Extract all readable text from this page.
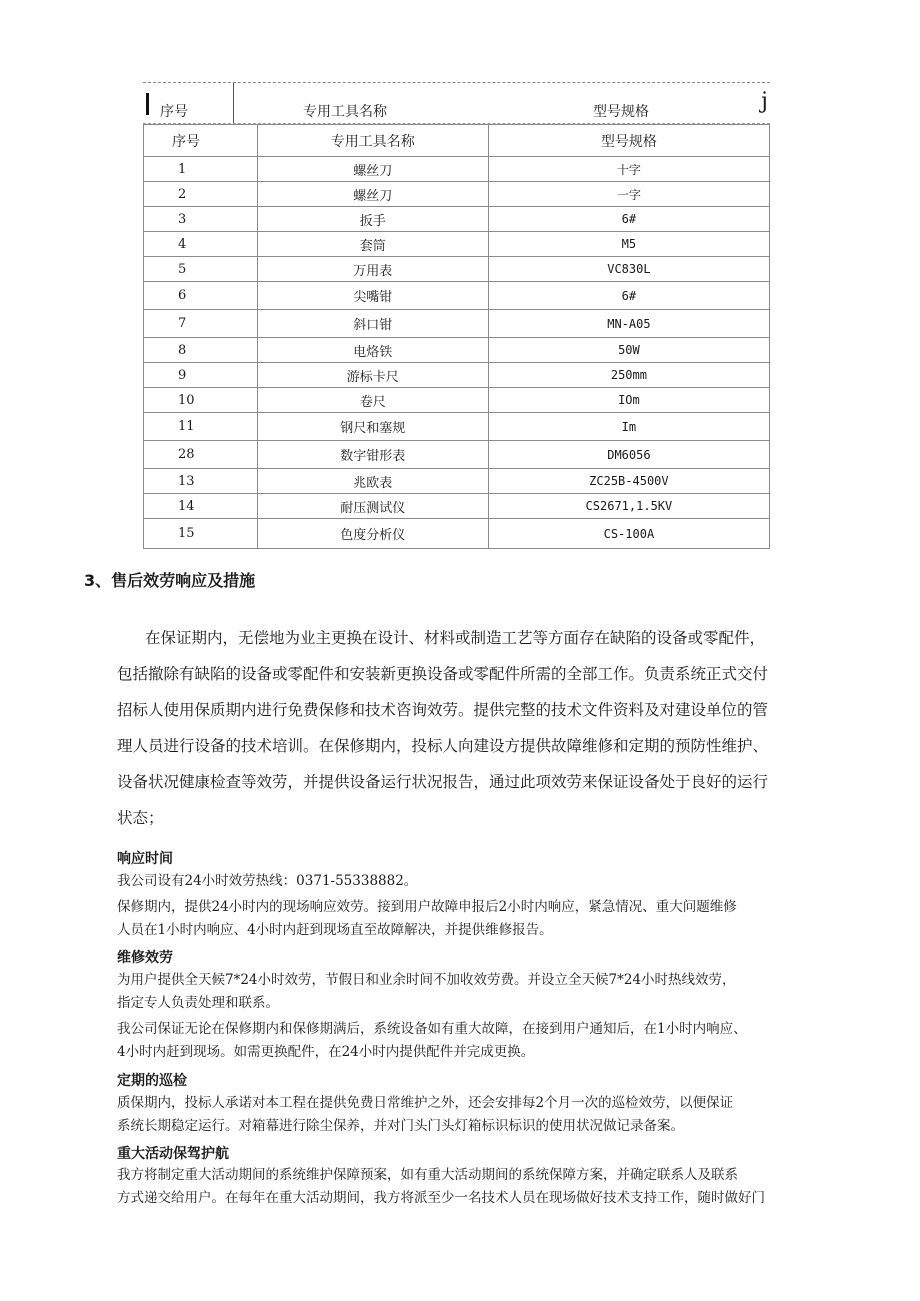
序号	专用工具名称	型号规格	j
序号	专用工具名称	型号规格
1	螺丝刀	十字
2	螺丝刀	一字
3	扳手	6#
4	套筒	M5
5	万用表	VC830L
6	尖嘴钳	6#
7	斜口钳	MN-A05
8	电烙铁	50W
9	游标卡尺	250mm
10	卷尺	IOm
11	钢尺和塞规	Im
28	数字钳形表	DM6056
13	兆欧表	ZC25B-4500V
14	耐压测试仪	CS2671,1.5KV
15	色度分析仪	CS-100A
3、售后效劳响应及措施
在保证期内，无偿地为业主更换在设计、材料或制造工艺等方面存在缺陷的设备或零配件，
包括撤除有缺陷的设备或零配件和安装新更换设备或零配件所需的全部工作。负责系统正式交付
招标人使用保质期内进行免费保修和技术咨询效劳。提供完整的技术文件资料及对建设单位的管
理人员进行设备的技术培训。在保修期内，投标人向建设方提供故障维修和定期的预防性维护、
设备状况健康检查等效劳，并提供设备运行状况报告，通过此项效劳来保证设备处于良好的运行
状态；
响应时间
我公司设有24小时效劳热线：0371-55338882。
保修期内，提供24小时内的现场响应效劳。接到用户故障申报后2小时内响应，紧急情况、重大问题维修
人员在1小时内响应、4小时内赶到现场直至故障解决，并提供维修报告。
维修效劳
为用户提供全天候7*24小时效劳，节假日和业余时间不加收效劳费。并设立全天候7*24小时热线效劳，
指定专人负责处理和联系。
我公司保证无论在保修期内和保修期满后，系统设备如有重大故障，在接到用户通知后，在1小时内响应、
4小时内赶到现场。如需更换配件，在24小时内提供配件并完成更换。
定期的巡检
质保期内，投标人承诺对本工程在提供免费日常维护之外，还会安排每2个月一次的巡检效劳，以便保证
系统长期稳定运行。对箱幕进行除尘保养，并对门头门头灯箱标识标识的使用状况做记录备案。
重大活动保驾护航
我方将制定重大活动期间的系统维护保障预案，如有重大活动期间的系统保障方案，并确定联系人及联系
方式递交给用户。在每年在重大活动期间，我方将派至少一名技术人员在现场做好技术支持工作，随时做好门
